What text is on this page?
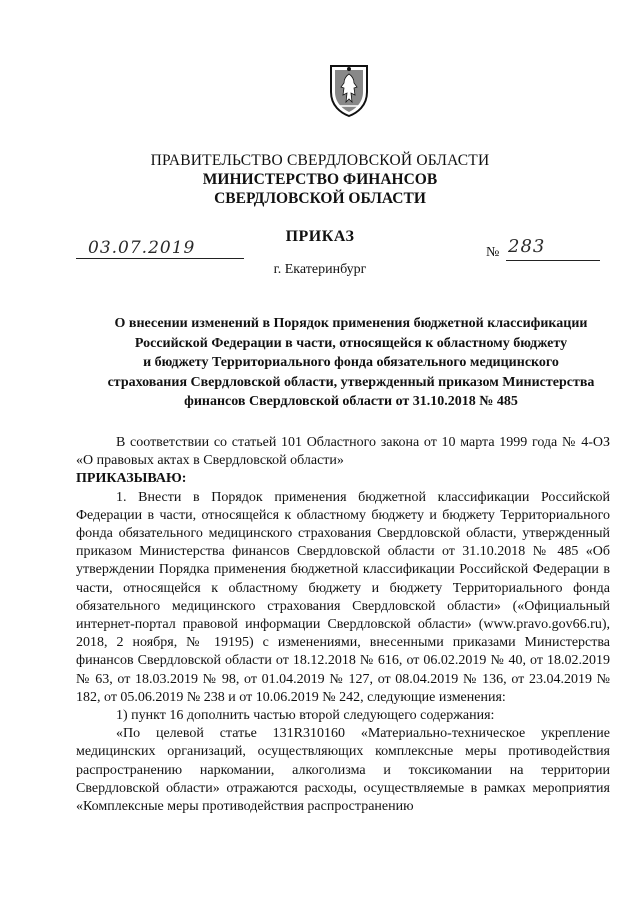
ПРАВИТЕЛЬСТВО СВЕРДЛОВСКОЙ ОБЛАСТИ
МИНИСТЕРСТВО ФИНАНСОВ
СВЕРДЛОВСКОЙ ОБЛАСТИ
ПРИКАЗ
03.07.2019	№ 283
г. Екатеринбург
О внесении изменений в Порядок применения бюджетной классификации
Российской Федерации в части, относящейся к областному бюджету
и бюджету Территориального фонда обязательного медицинского
страхования Свердловской области, утвержденный приказом Министерства
финансов Свердловской области от 31.10.2018 № 485

В соответствии со статьей 101 Областного закона от 10 марта 1999 года № 4-ОЗ «О правовых актах в Свердловской области»

ПРИКАЗЫВАЮ:

1. Внести в Порядок применения бюджетной классификации Российской Федерации в части, относящейся к областному бюджету и бюджету Территориального фонда обязательного медицинского страхования Свердловской области, утвержденный приказом Министерства финансов Свердловской области от 31.10.2018 № 485 «Об утверждении Порядка применения бюджетной классификации Российской Федерации в части, относящейся к областному бюджету и бюджету Территориального фонда обязательного медицинского страхования Свердловской области» («Официальный интернет-портал правовой информации Свердловской области» (www.pravo.gov66.ru), 2018, 2 ноября, № 19195) с изменениями, внесенными приказами Министерства финансов Свердловской области от 18.12.2018 № 616, от 06.02.2019 № 40, от 18.02.2019 № 63, от 18.03.2019 № 98, от 01.04.2019 № 127, от 08.04.2019 № 136, от 23.04.2019 № 182, от 05.06.2019 № 238 и от 10.06.2019 № 242, следующие изменения:

1) пункт 16 дополнить частью второй следующего содержания:

«По целевой статье 131R310160 «Материально-техническое укрепление медицинских организаций, осуществляющих комплексные меры противодействия распространению наркомании, алкоголизма и токсикомании на территории Свердловской области» отражаются расходы, осуществляемые в рамках мероприятия «Комплексные меры противодействия распространению
